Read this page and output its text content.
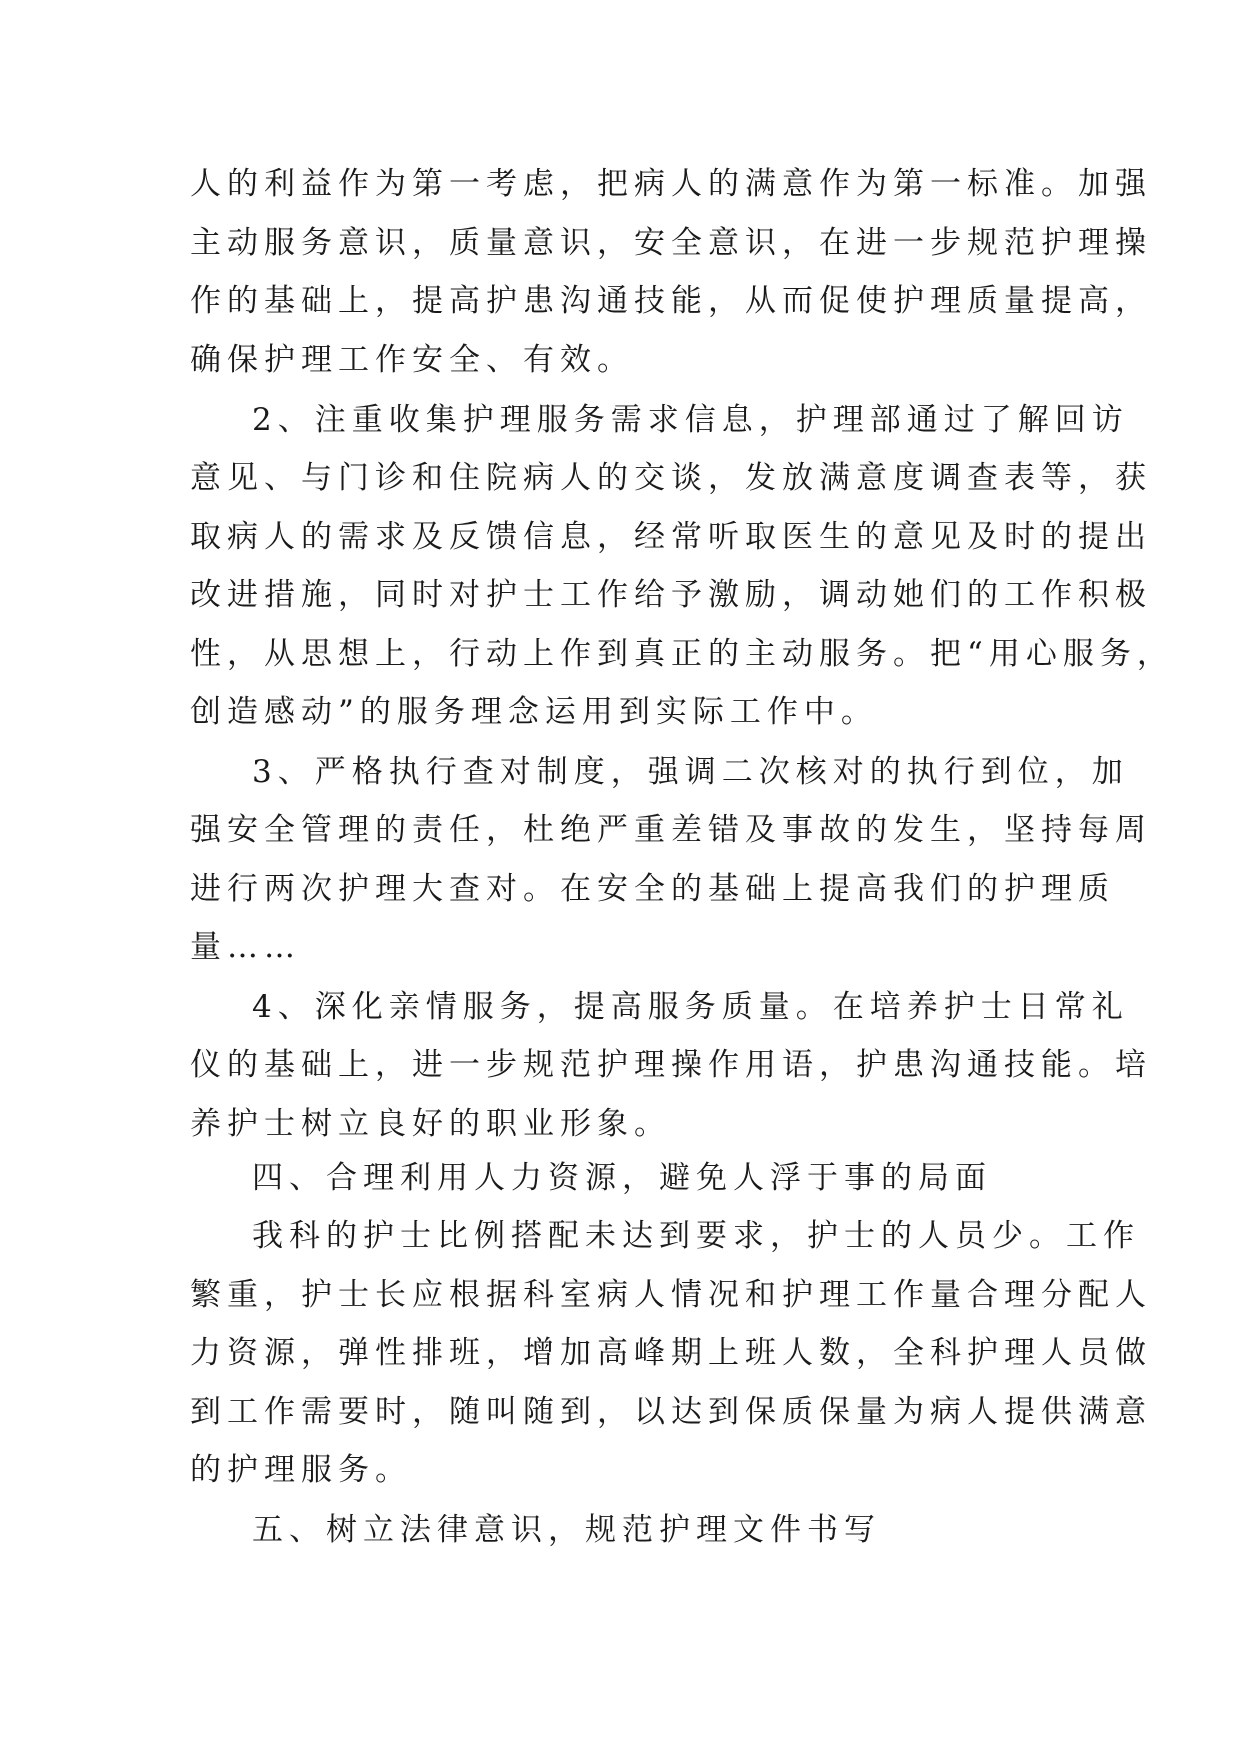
人的利益作为第一考虑，把病人的满意作为第一标准。加强
主动服务意识，质量意识，安全意识，在进一步规范护理操
作的基础上，提高护患沟通技能，从而促使护理质量提高，
确保护理工作安全、有效。
2、注重收集护理服务需求信息，护理部通过了解回访
意见、与门诊和住院病人的交谈，发放满意度调查表等，获
取病人的需求及反馈信息，经常听取医生的意见及时的提出
改进措施，同时对护士工作给予激励，调动她们的工作积极
性，从思想上，行动上作到真正的主动服务。把“用心服务，
创造感动”的服务理念运用到实际工作中。
3、严格执行查对制度，强调二次核对的执行到位，加
强安全管理的责任，杜绝严重差错及事故的发生，坚持每周
进行两次护理大查对。在安全的基础上提高我们的护理质
量……
4、深化亲情服务，提高服务质量。在培养护士日常礼
仪的基础上，进一步规范护理操作用语，护患沟通技能。培
养护士树立良好的职业形象。
四、合理利用人力资源，避免人浮于事的局面
我科的护士比例搭配未达到要求，护士的人员少。工作
繁重，护士长应根据科室病人情况和护理工作量合理分配人
力资源，弹性排班，增加高峰期上班人数，全科护理人员做
到工作需要时，随叫随到，以达到保质保量为病人提供满意
的护理服务。
五、树立法律意识，规范护理文件书写
